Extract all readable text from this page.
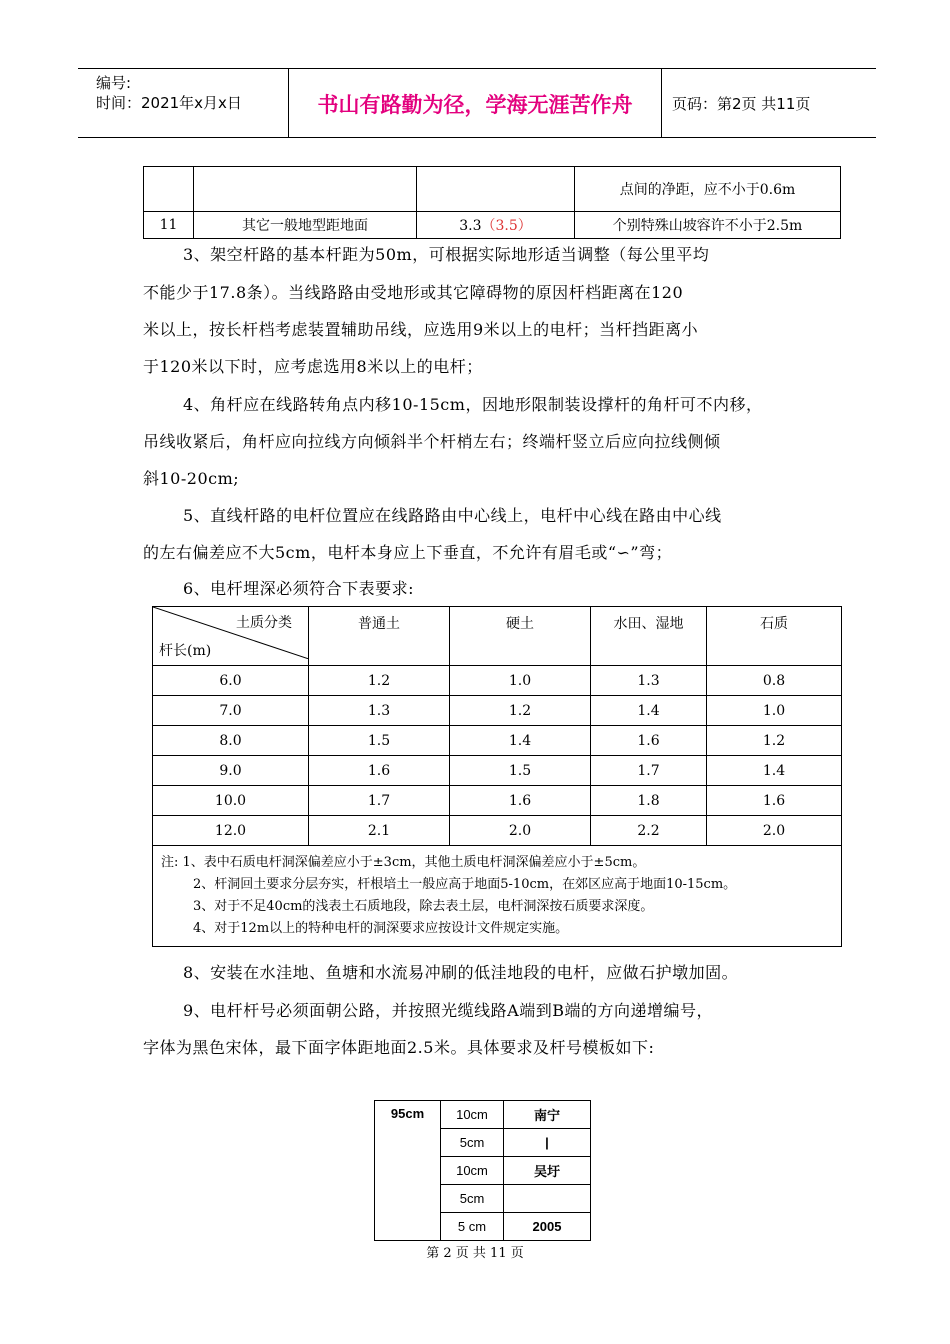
编号:
时间：2021年x月x日	书山有路勤为径，学海无涯苦作舟	页码：第2页 共11页
			点间的净距，应不小于0.6m
11	其它一般地型距地面	3.3（3.5）	个别特殊山坡容许不小于2.5m
3、架空杆路的基本杆距为50m，可根据实际地形适当调整（每公里平均
不能少于17.8条）。当线路路由受地形或其它障碍物的原因杆档距离在120
米以上，按长杆档考虑装置辅助吊线，应选用9米以上的电杆；当杆挡距离小
于120米以下时，应考虑选用8米以上的电杆；
4、角杆应在线路转角点内移10-15cm，因地形限制装设撑杆的角杆可不内移，
吊线收紧后，角杆应向拉线方向倾斜半个杆梢左右；终端杆竖立后应向拉线侧倾
斜10-20cm;
5、直线杆路的电杆位置应在线路路由中心线上，电杆中心线在路由中心线
的左右偏差应不大5cm，电杆本身应上下垂直，不允许有眉毛或“∽”弯；
6、电杆埋深必须符合下表要求:
土质分类
杆长(m)	普通土	硬土	水田、湿地	石质
6.0	1.2	1.0	1.3	0.8
7.0	1.3	1.2	1.4	1.0
8.0	1.5	1.4	1.6	1.2
9.0	1.6	1.5	1.7	1.4
10.0	1.7	1.6	1.8	1.6
12.0	2.1	2.0	2.2	2.0

注: 1、表中石质电杆洞深偏差应小于±3cm，其他土质电杆洞深偏差应小于±5cm。
2、杆洞回土要求分层夯实，杆根培土一般应高于地面5-10cm，在郊区应高于地面10-15cm。
3、对于不足40cm的浅表土石质地段，除去表土层，电杆洞深按石质要求深度。
4、对于12m以上的特种电杆的洞深要求应按设计文件规定实施。				
8、安装在水洼地、鱼塘和水流易冲刷的低洼地段的电杆，应做石护墩加固。
9、电杆杆号必须面朝公路，并按照光缆线路A端到B端的方向递增编号，
字体为黑色宋体，最下面字体距地面2.5米。具体要求及杆号模板如下:
95cm	10cm	南宁
	5cm	|
	10cm	吴圩
	5cm	
	5 cm	2005
第 2 页 共 11 页
